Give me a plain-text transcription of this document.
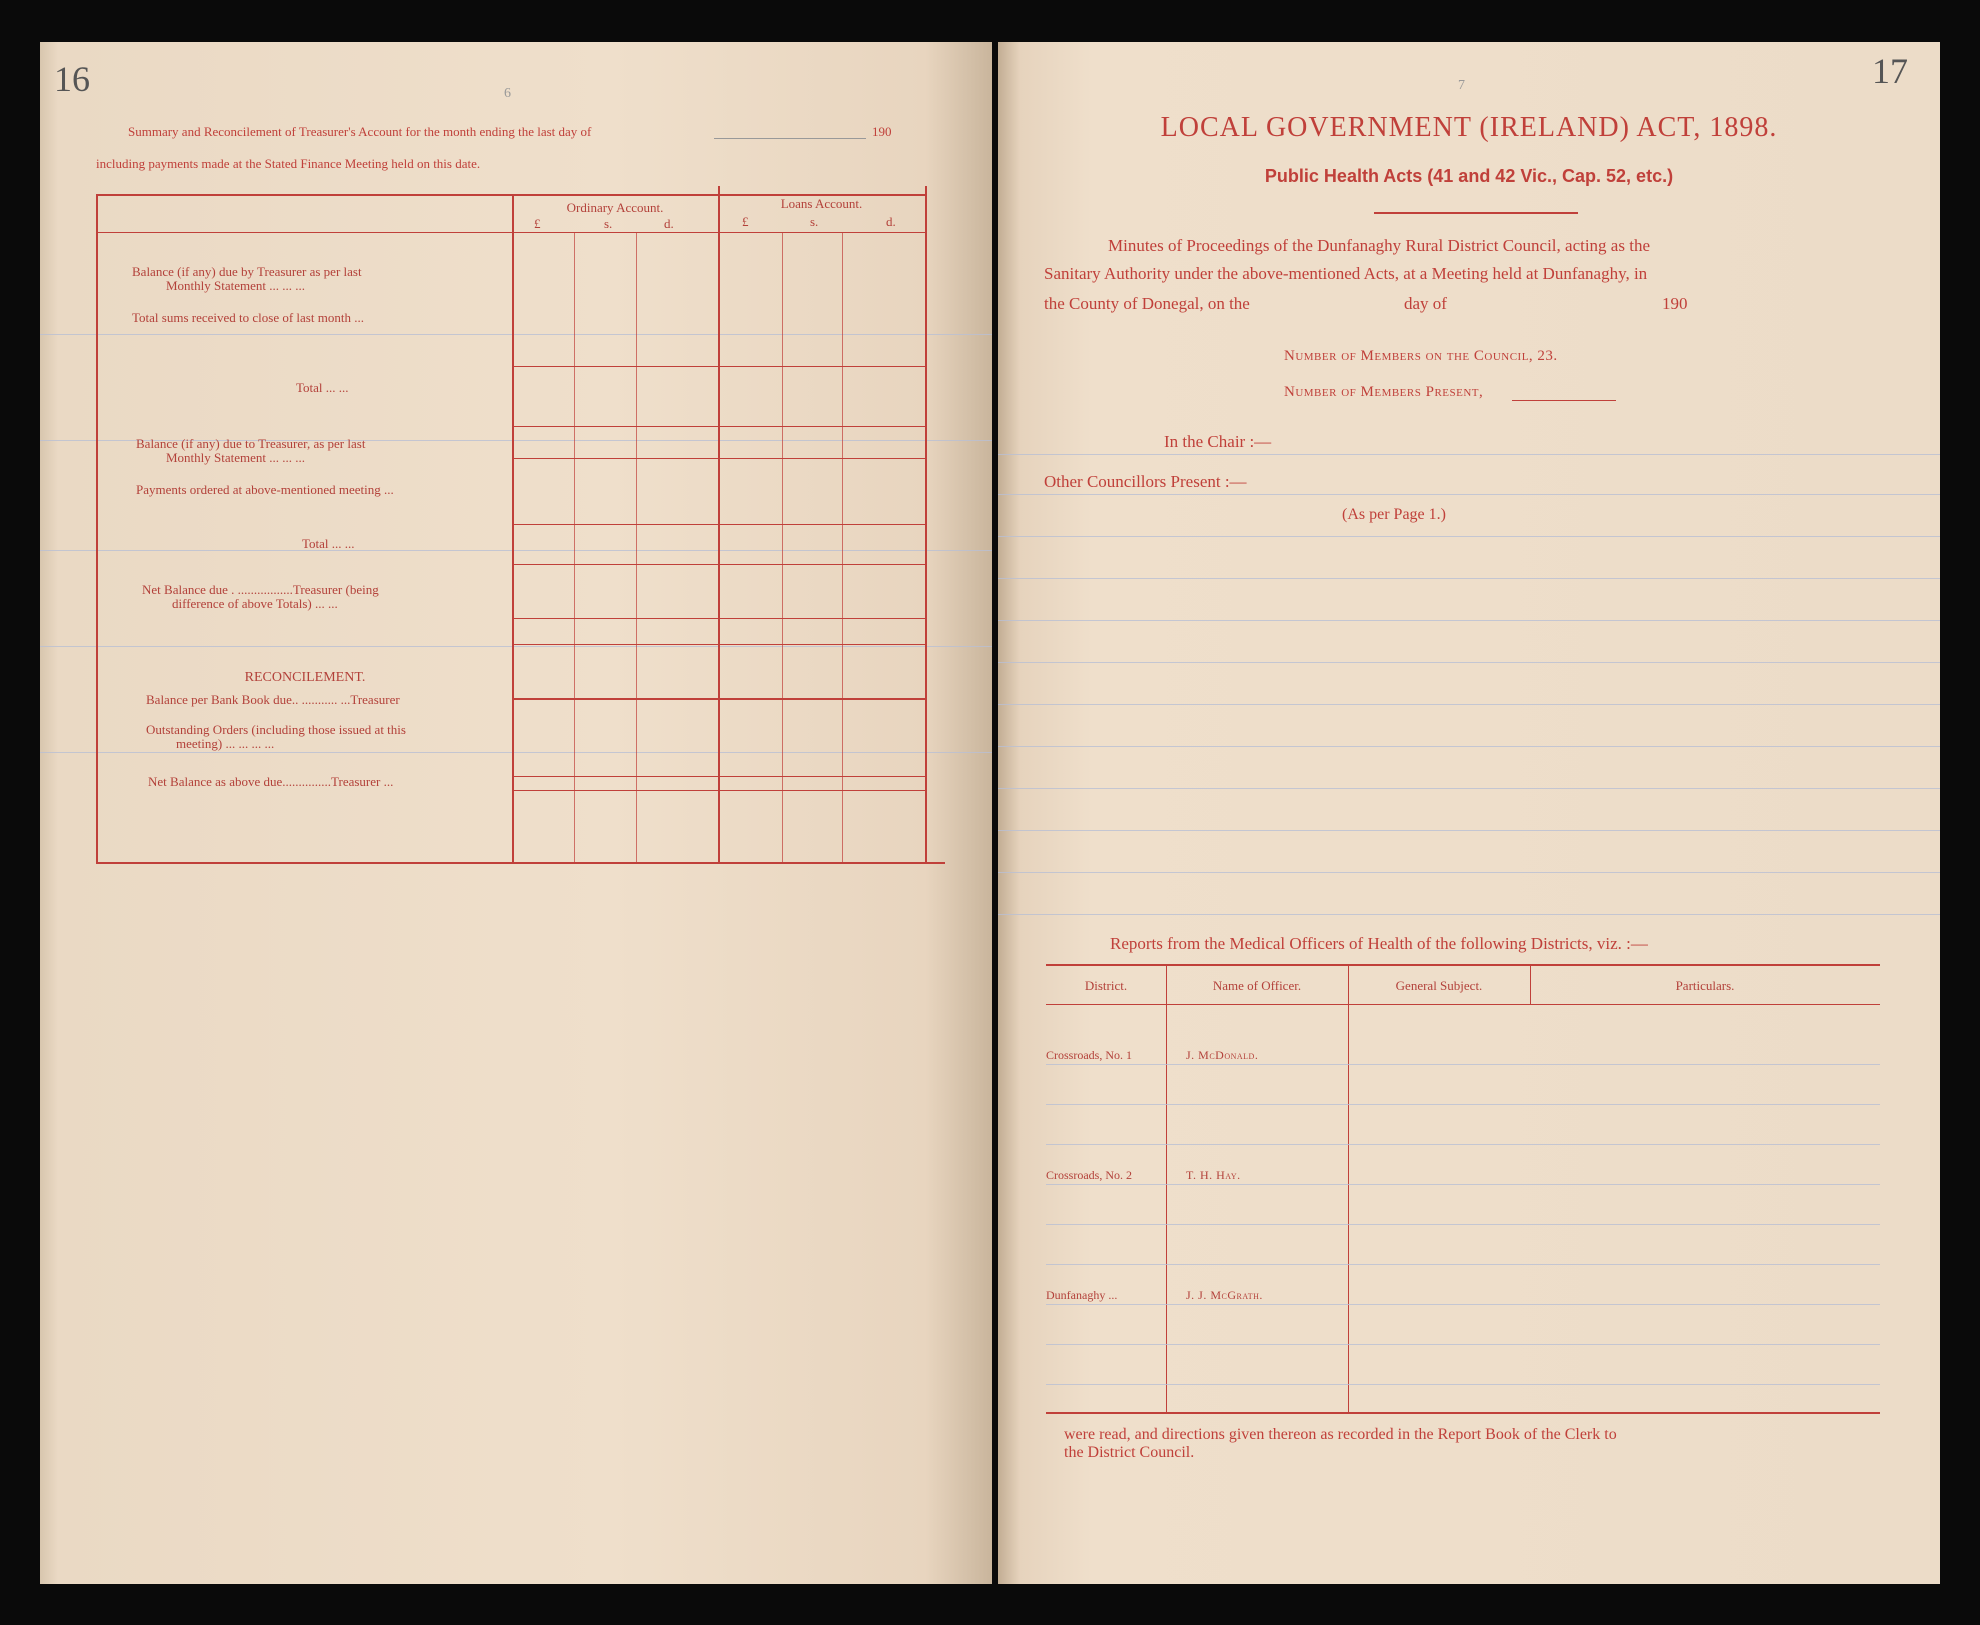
16	6
Summary and Reconcilement of Treasurer's Account for the month ending the last day of	190
including payments made at the Stated Finance Meeting held on this date.
Ordinary Account.	Loans Account.
£	s.	d.	£	s.	d.
Balance (if any) due by Treasurer as per last
Monthly Statement ... ... ...
Total sums received to close of last month ...
Total ... ...
Balance (if any) due to Treasurer, as per last
Monthly Statement ... ... ...
Payments ordered at above-mentioned meeting ...
Total ... ...
Net Balance due . .................Treasurer (being
difference of above Totals) ... ...
RECONCILEMENT.
Balance per Bank Book due.. ........... ...Treasurer
Outstanding Orders (including those issued at this
meeting) ... ... ... ...
Net Balance as above due...............Treasurer ...
17
7
LOCAL GOVERNMENT (IRELAND) ACT, 1898.
Public Health Acts (41 and 42 Vic., Cap. 52, etc.)
Minutes of Proceedings of the Dunfanaghy Rural District Council, acting as the
Sanitary Authority under the above-mentioned Acts, at a Meeting held at Dunfanaghy, in
the County of Donegal, on the	day of	190
Number of Members on the Council, 23.
Number of Members Present,
In the Chair :—
Other Councillors Present :—
(As per Page 1.)
Reports from the Medical Officers of Health of the following Districts, viz. :—
District.	Name of Officer.	General Subject.	Particulars.
Crossroads, No. 1	J. McDonald.
Crossroads, No. 2	T. H. Hay.
Dunfanaghy ...	J. J. McGrath.
were read, and directions given thereon as recorded in the Report Book of the Clerk to
the District Council.
